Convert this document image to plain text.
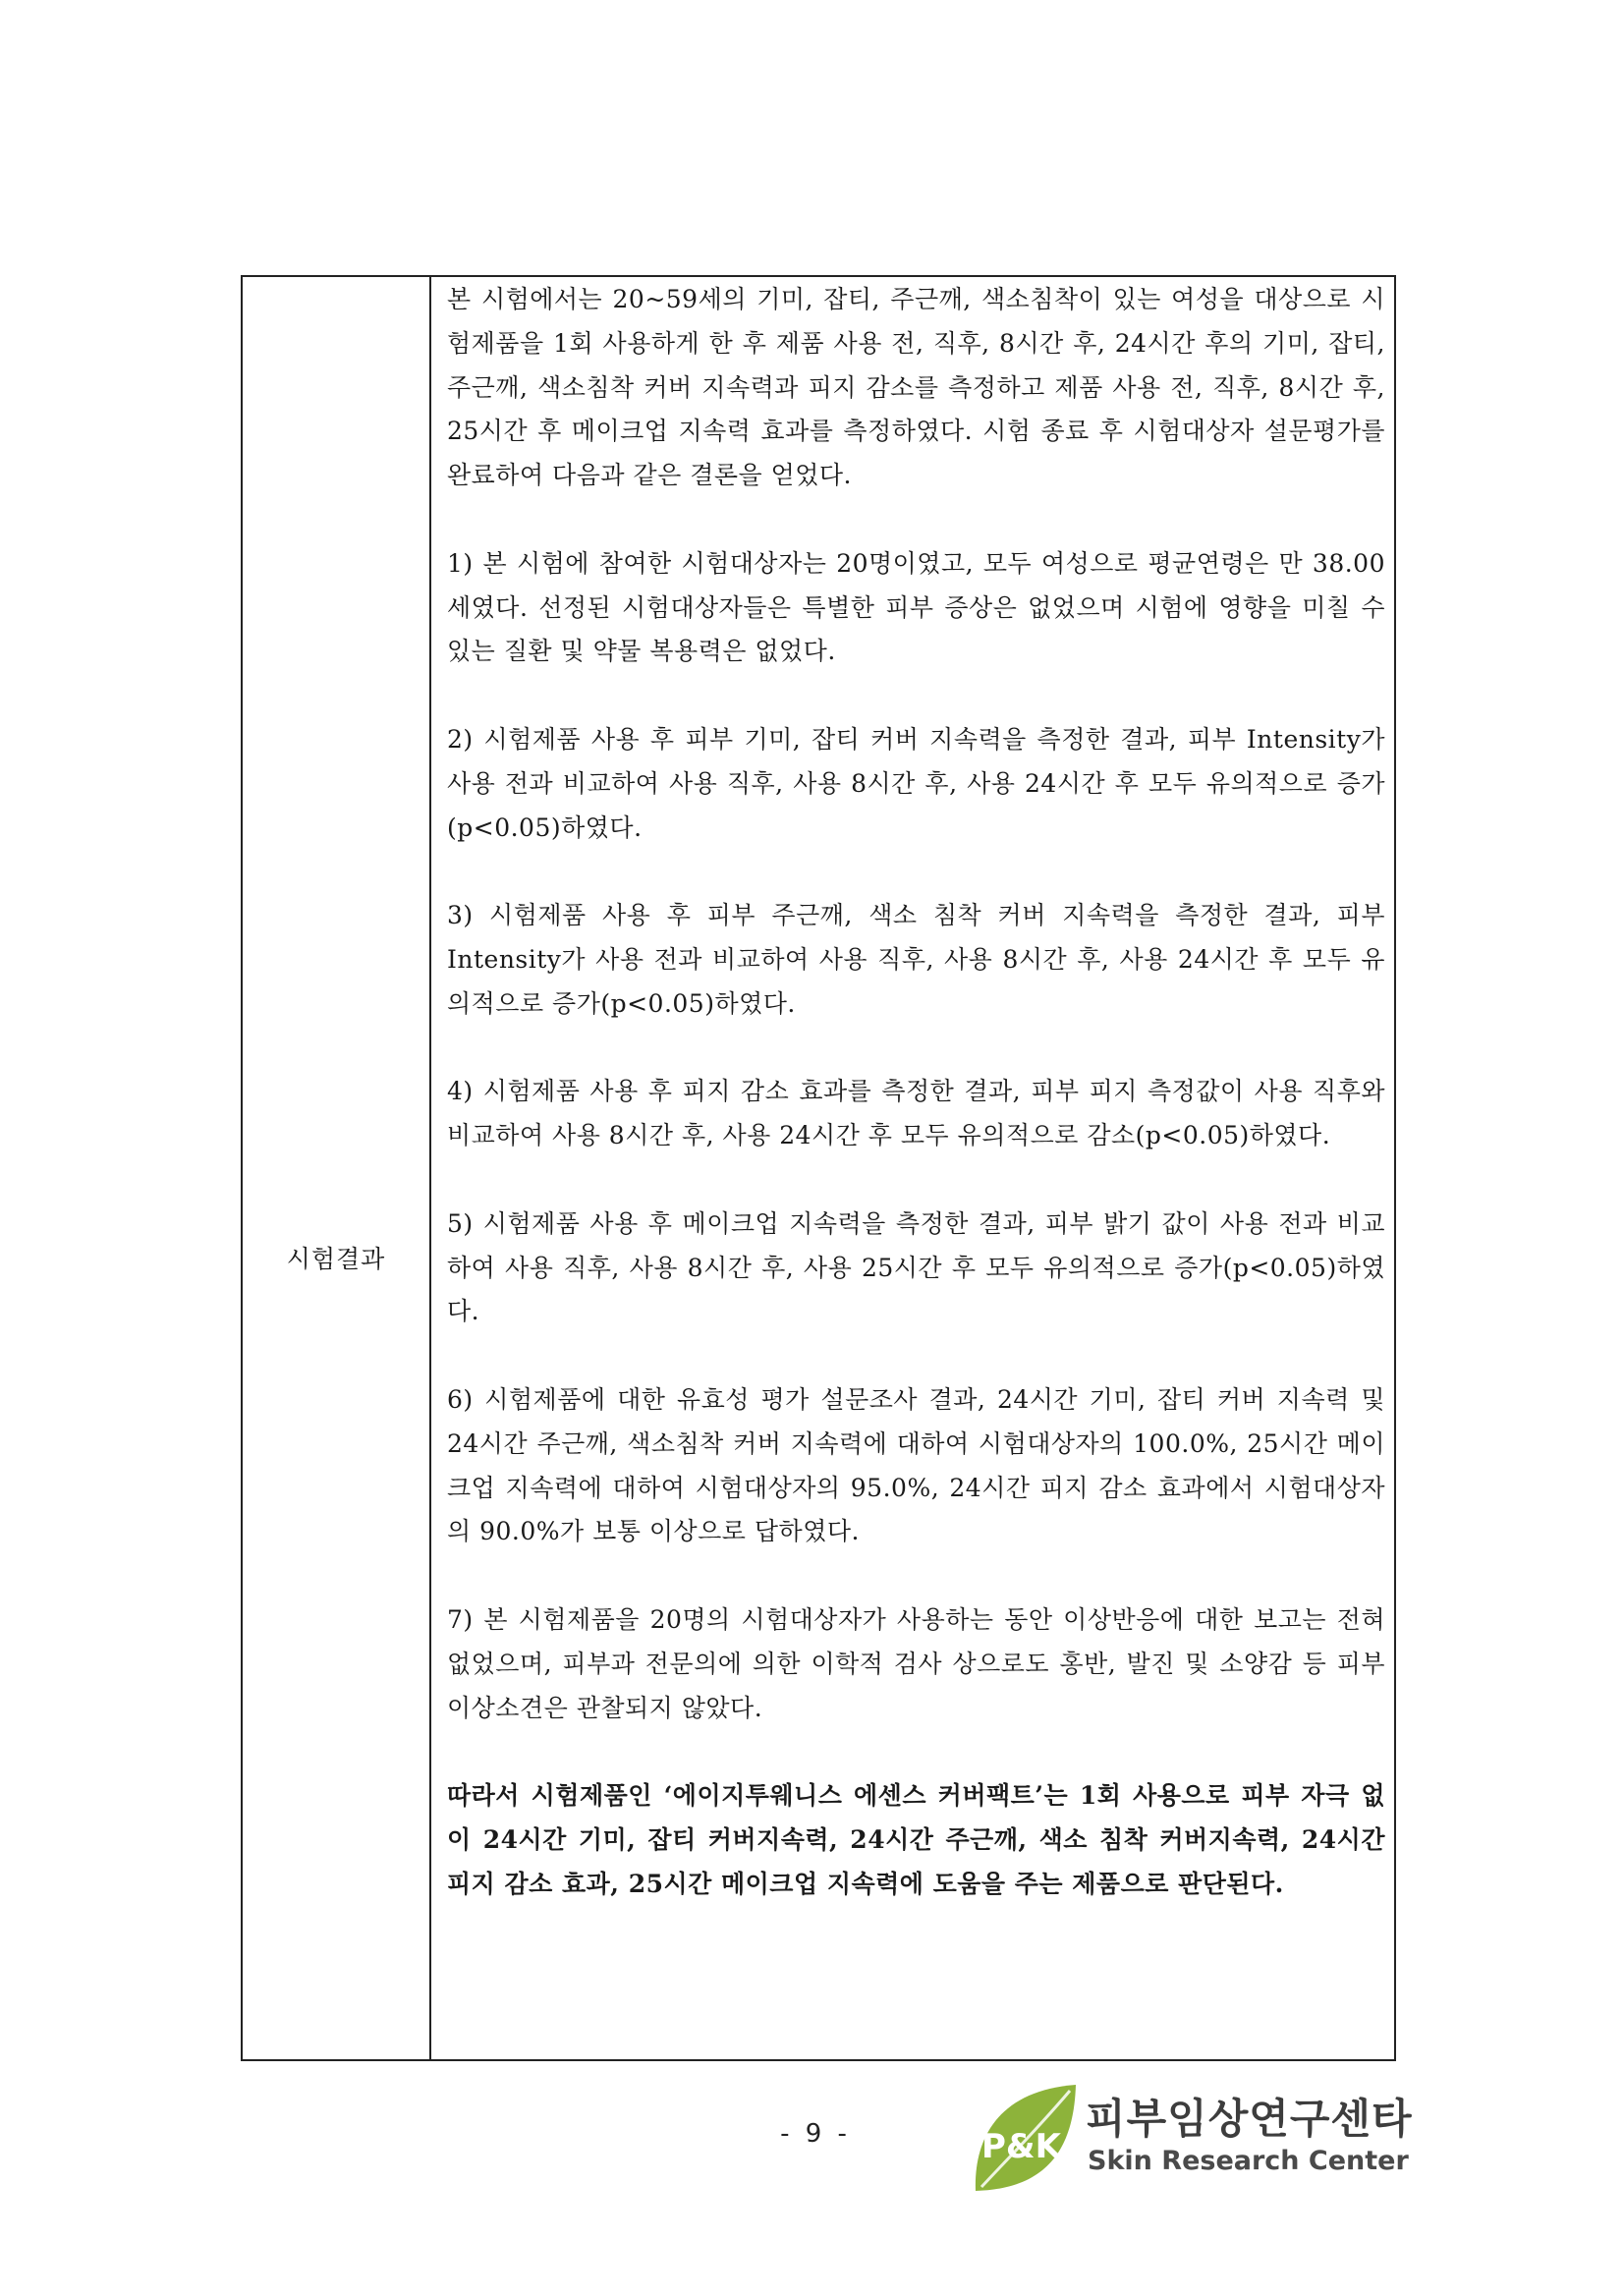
시험결과

본 시험에서는 20~59세의 기미, 잡티, 주근깨, 색소침착이 있는 여성을 대상으로 시험제품을 1회 사용하게 한 후 제품 사용 전, 직후, 8시간 후, 24시간 후의 기미, 잡티, 주근깨, 색소침착 커버 지속력과 피지 감소를 측정하고 제품 사용 전, 직후, 8시간 후, 25시간 후 메이크업 지속력 효과를 측정하였다. 시험 종료 후 시험대상자 설문평가를 완료하여 다음과 같은 결론을 얻었다.

1) 본 시험에 참여한 시험대상자는 20명이였고, 모두 여성으로 평균연령은 만 38.00세였다. 선정된 시험대상자들은 특별한 피부 증상은 없었으며 시험에 영향을 미칠 수 있는 질환 및 약물 복용력은 없었다.

2) 시험제품 사용 후 피부 기미, 잡티 커버 지속력을 측정한 결과, 피부 Intensity가 사용 전과 비교하여 사용 직후, 사용 8시간 후, 사용 24시간 후 모두 유의적으로 증가(p<0.05)하였다.

3) 시험제품 사용 후 피부 주근깨, 색소 침착 커버 지속력을 측정한 결과, 피부 Intensity가 사용 전과 비교하여 사용 직후, 사용 8시간 후, 사용 24시간 후 모두 유의적으로 증가(p<0.05)하였다.

4) 시험제품 사용 후 피지 감소 효과를 측정한 결과, 피부 피지 측정값이 사용 직후와 비교하여 사용 8시간 후, 사용 24시간 후 모두 유의적으로 감소(p<0.05)하였다.

5) 시험제품 사용 후 메이크업 지속력을 측정한 결과, 피부 밝기 값이 사용 전과 비교하여 사용 직후, 사용 8시간 후, 사용 25시간 후 모두 유의적으로 증가(p<0.05)하였다.

6) 시험제품에 대한 유효성 평가 설문조사 결과, 24시간 기미, 잡티 커버 지속력 및 24시간 주근깨, 색소침착 커버 지속력에 대하여 시험대상자의 100.0%, 25시간 메이크업 지속력에 대하여 시험대상자의 95.0%, 24시간 피지 감소 효과에서 시험대상자의 90.0%가 보통 이상으로 답하였다.

7) 본 시험제품을 20명의 시험대상자가 사용하는 동안 이상반응에 대한 보고는 전혀 없었으며, 피부과 전문의에 의한 이학적 검사 상으로도 홍반, 발진 및 소양감 등 피부 이상소견은 관찰되지 않았다.

따라서 시험제품인 ‘에이지투웨니스 에센스 커버팩트’는 1회 사용으로 피부 자극 없이 24시간 기미, 잡티 커버지속력, 24시간 주근깨, 색소 침착 커버지속력, 24시간 피지 감소 효과, 25시간 메이크업 지속력에 도움을 주는 제품으로 판단된다.

- 9 -	P&K
피부임상연구센타
Skin Research Center
